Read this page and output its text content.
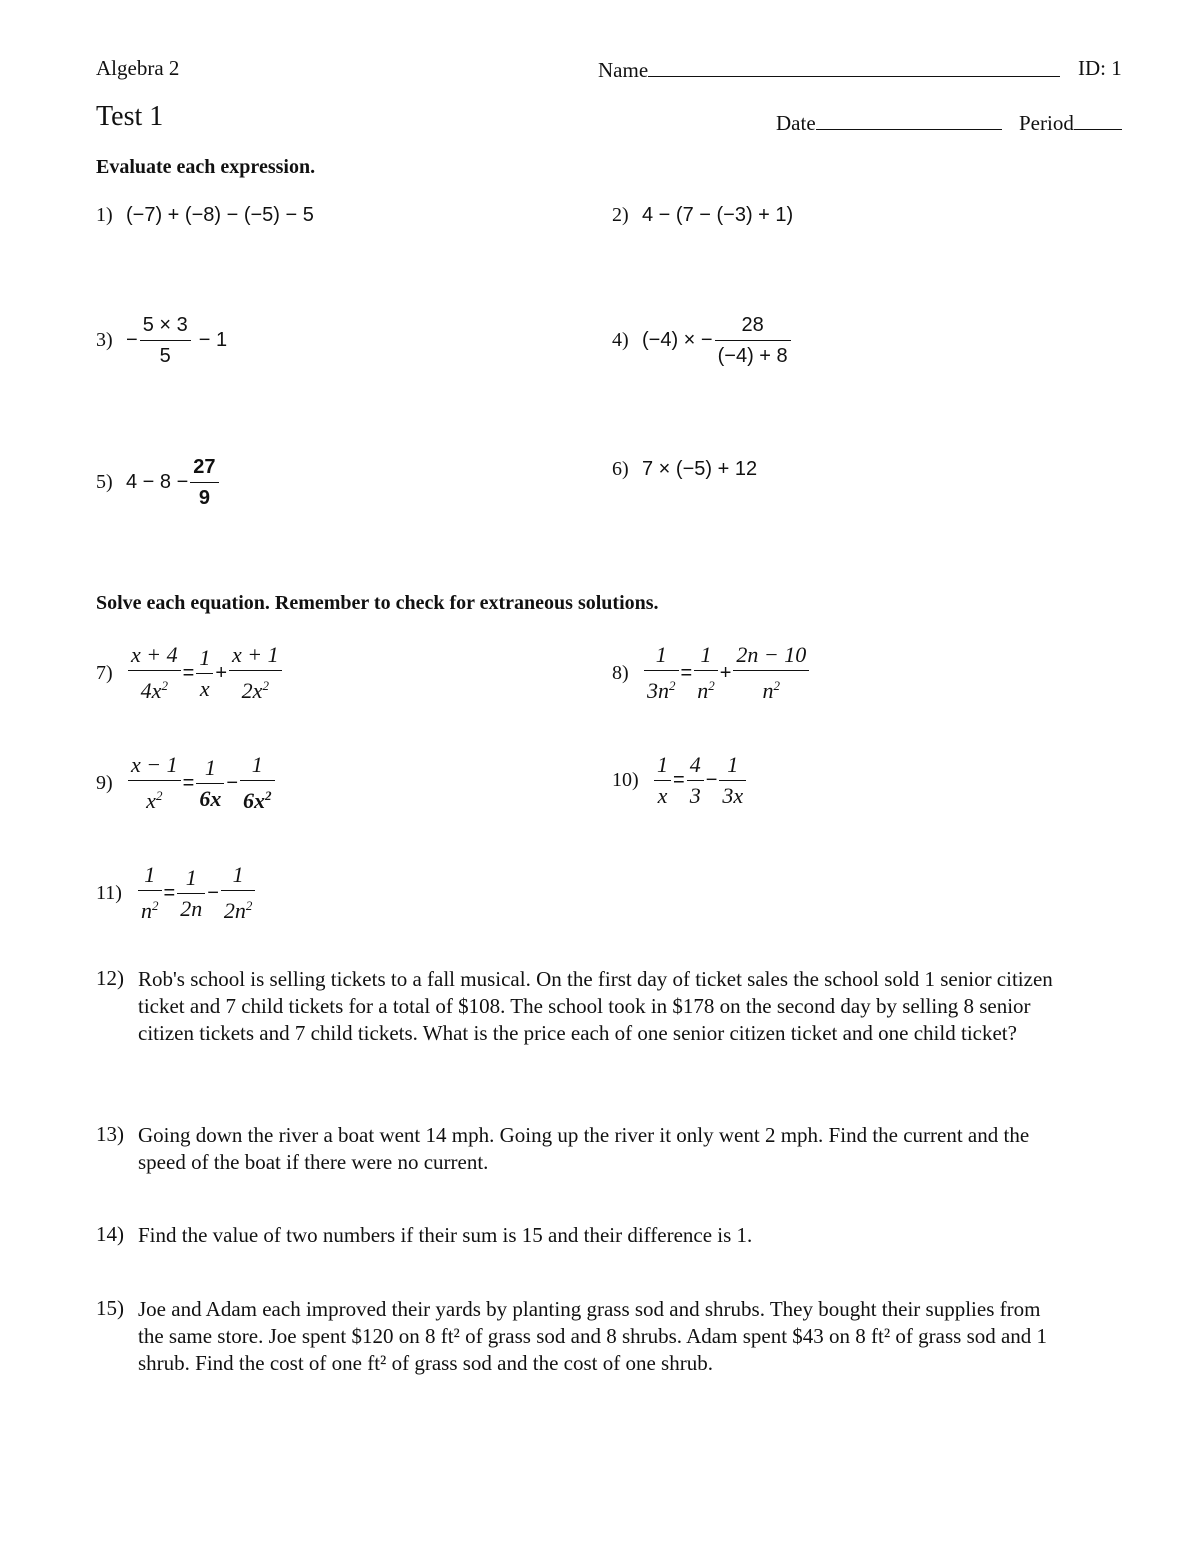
Algebra 2	Name	ID: 1
Test 1	Date	Period
Evaluate each expression.
1) (−7) + (−8) − (−5) − 5	2) 4 − (7 − (−3) + 1)
$3) - \frac{5 \times 3}{5} - 1$	4) (−4) × − $\frac{28}{(-4) + 8}$
5) $4 - 8 - \frac{27}{9}$	6) 7 × (−5) + 1 2
Solve each equation. Remember to check for extraneous solutions.
$7) \frac{x + 4}{4x^2} = \frac{1}{x} + \frac{x + 1}{2x^2}$	$8) \frac{1}{3n^2} = \frac{1}{n^2} + \frac{2n - 10}{n^2}$
$9) \frac{x - 1}{x^2} = \frac{1}{6x} - \frac{1}{6x^2}$	$10) \frac{1}{x} = \frac{4}{3} - \frac{1}{3x}$
$11) \frac{1}{n^2} = \frac{1}{2n} - \frac{1}{2n^2}$
12) Rob's school is selling tickets to a fall musical. On the first day of ticket sales the school sold 1 senior citizen ticket and 7 child tickets for a total of $108. The school took in $178 on the second day by selling 8 senior citizen tickets and 7 child tickets. What is the price each of one senior citizen ticket and one child ticket?
13) Going down the river a boat went 14 mph. Going up the river it only went 2 mph. Find the current and the speed of the boat if there were no current.
14) Find the value of two numbers if their sum is 15 and their difference is 1.
15) Joe and Adam each improved their yards by planting grass sod and shrubs. They bought their supplies from the same store. Joe spent $120 on 8 ft² of grass sod and 8 shrubs. Adam spent $43 on 8 ft² of grass sod and 1 shrub. Find the cost of one ft² of grass sod and the cost of one shrub.
